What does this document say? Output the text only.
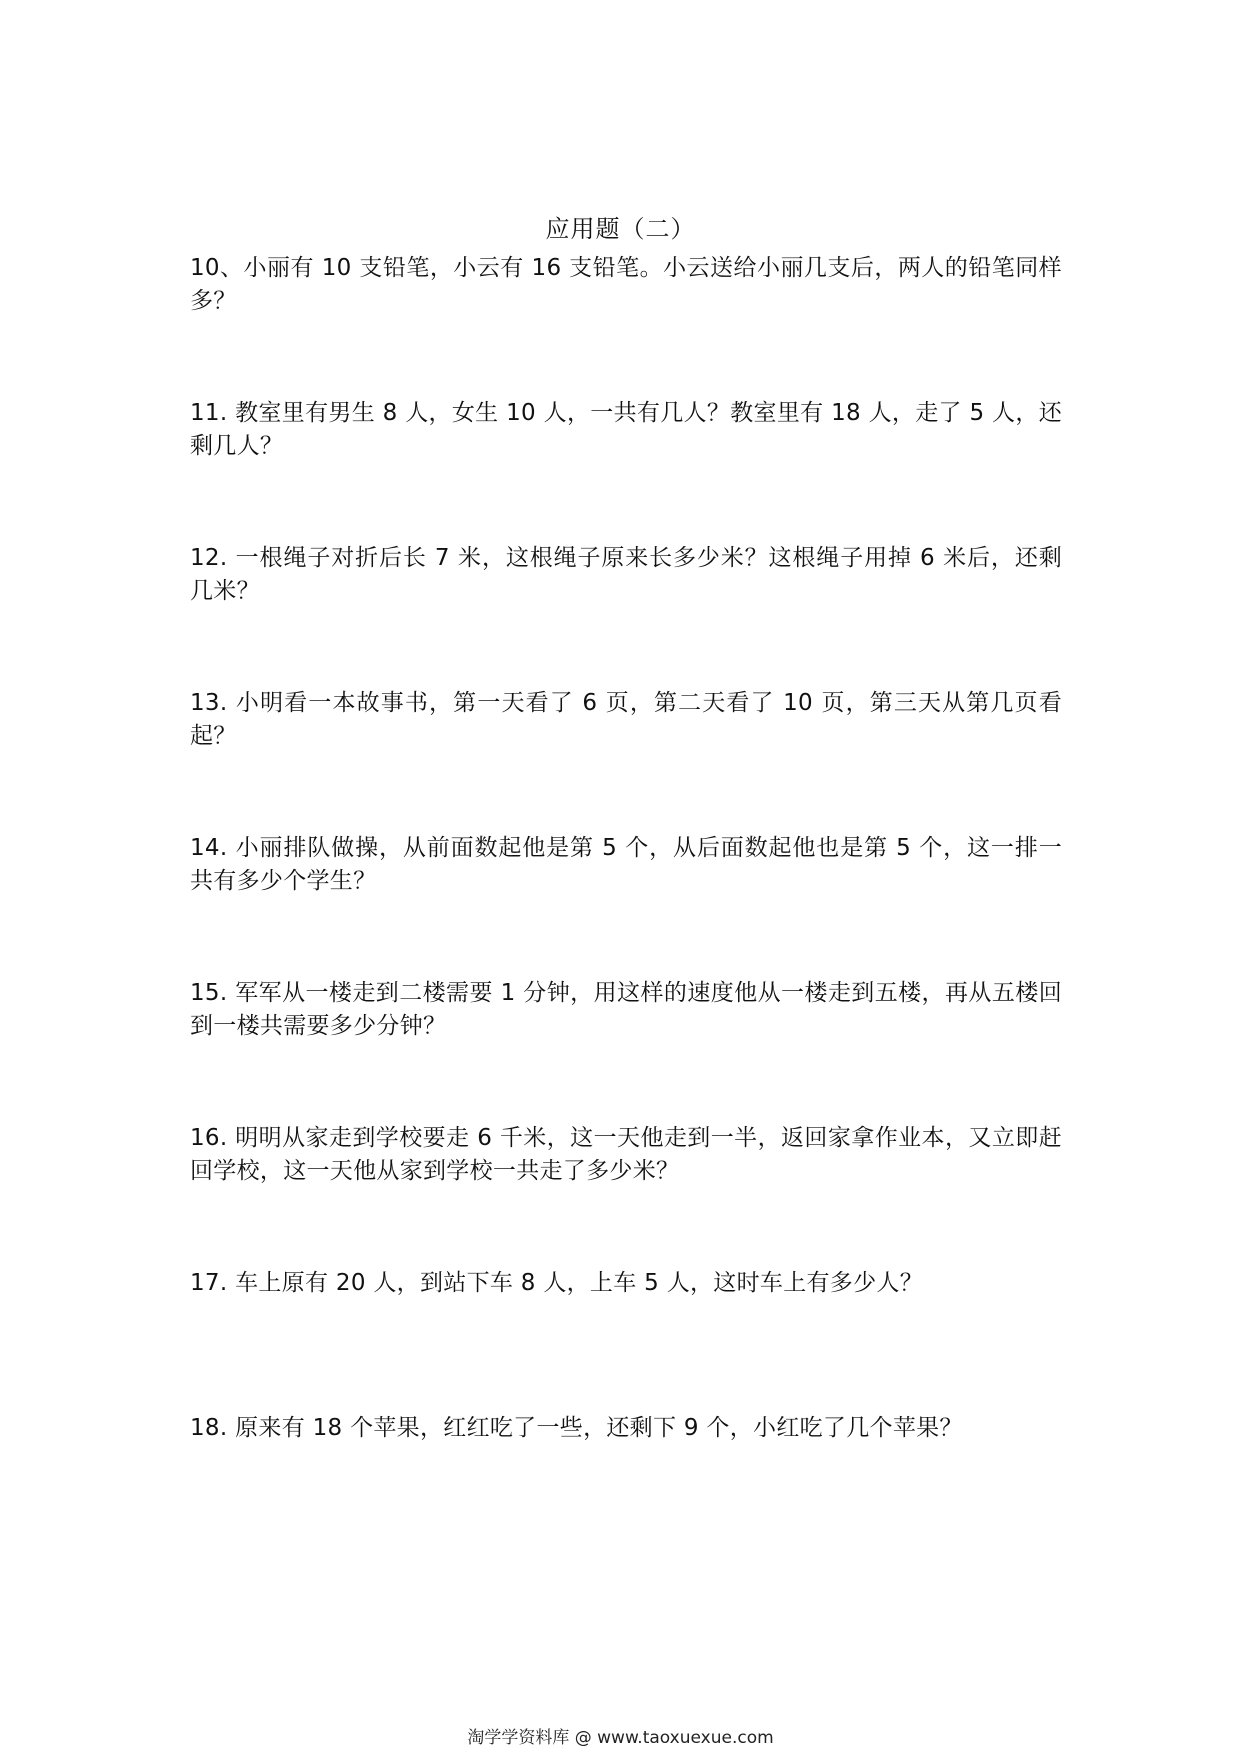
应用题（二）
10、小丽有 10 支铅笔，小云有 16 支铅笔。小云送给小丽几支后，两人的铅笔同样多？
11. 教室里有男生 8 人，女生 10 人，一共有几人？教室里有 18 人，走了 5 人，还剩几人？
12. 一根绳子对折后长 7 米，这根绳子原来长多少米？这根绳子用掉 6 米后，还剩几米？
13. 小明看一本故事书，第一天看了 6 页，第二天看了 10 页，第三天从第几页看起？
14. 小丽排队做操，从前面数起他是第 5 个，从后面数起他也是第 5 个，这一排一共有多少个学生？
15. 军军从一楼走到二楼需要 1 分钟，用这样的速度他从一楼走到五楼，再从五楼回到一楼共需要多少分钟？
16. 明明从家走到学校要走 6 千米，这一天他走到一半，返回家拿作业本，又立即赶回学校，这一天他从家到学校一共走了多少米？
17. 车上原有 20 人，到站下车 8 人，上车 5 人，这时车上有多少人？
18. 原来有 18 个苹果，红红吃了一些，还剩下 9 个，小红吃了几个苹果？
淘学学资料库 @ www.taoxuexue.com
